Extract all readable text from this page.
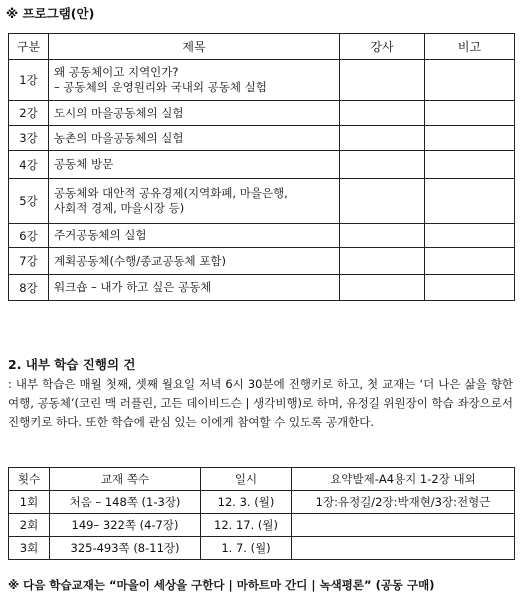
※ 프로그램(안)
구분	제목	강사	비고
1강	왜 공동체이고 지역인가?
– 공동체의 운영원리와 국내외 공동체 실험		

2강	도시의 마을공동체의 실험		

3강	농촌의 마을공동체의 실험		

4강	공동체 방문		

5강	공동체와 대안적 공유경제(지역화폐, 마을은행,
사회적 경제, 마을시장 등)		

6강	주거공동체의 실험		

7강	계획공동체(수행/종교공동체 포함)		

8강	워크숍 – 내가 하고 싶은 공동체		

2. 내부 학습 진행의 건
: 내부 학습은 매월 첫째, 셋째 월요일 저녁 6시 30분에 진행키로 하고, 첫 교재는 ‘더 나은 삶을 향한 여행, 공동체’(코린 맥 러플린, 고든 데이비드슨 | 생각비행)로 하며, 유정길 위원장이 학습 좌장으로서 진행키로 하다. 또한 학습에 관심 있는 이에게 참여할 수 있도록 공개한다.
횟수	교재 쪽수	일시	요약발제-A4용지 1-2장 내외
1회	처음 – 148쪽 (1-3장)	12. 3. (월)	1장:유정길/2장:박재현/3장:전형근
2회	149– 322쪽 (4-7장)	12. 17. (월)	
3회	325-493쪽 (8-11장)	1. 7. (월)	
※ 다음 학습교재는 “마을이 세상을 구한다 | 마하트마 간디 | 녹색평론” (공동 구매)
